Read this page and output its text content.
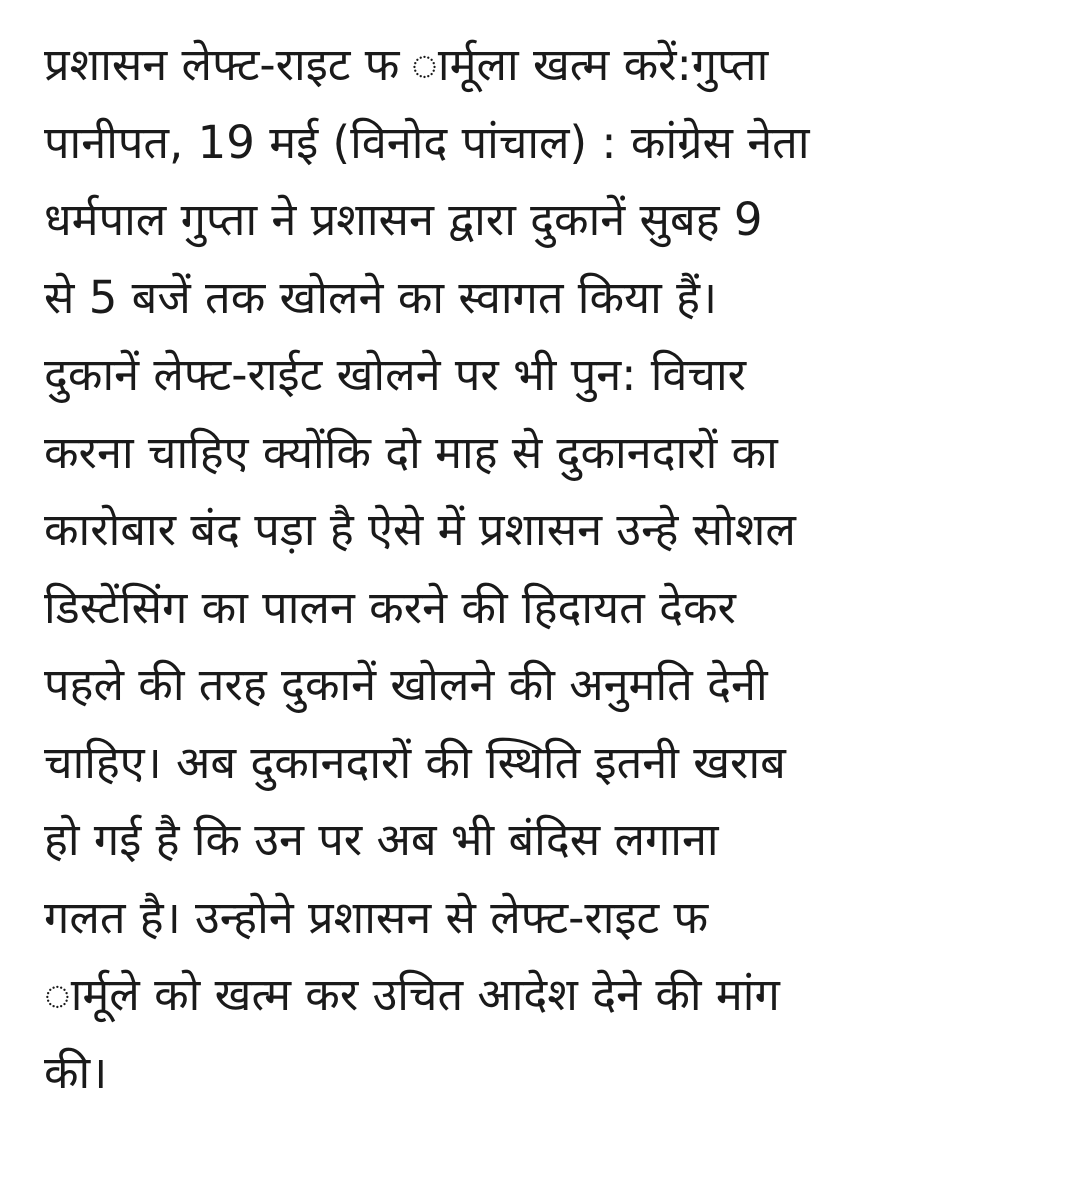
प्रशासन लेफ्ट-राइट फ ार्मूला खत्म करें:गुप्ता
पानीपत, 19 मई (विनोद पांचाल) : कांग्रेस नेता
धर्मपाल गुप्ता ने प्रशासन द्वारा दुकानें सुबह 9
से 5 बजें तक खोलने का स्वागत किया हैं।
दुकानें लेफ्ट-राईट खोलने पर भी पुन: विचार
करना चाहिए क्योंकि दो माह से दुकानदारों का
कारोबार बंद पड़ा है ऐसे में प्रशासन उन्हे सोशल
डिस्टेंसिंग का पालन करने की हिदायत देकर
पहले की तरह दुकानें खोलने की अनुमति देनी
चाहिए। अब दुकानदारों की स्थिति इतनी खराब
हो गई है कि उन पर अब भी बंदिस लगाना
गलत है। उन्होने प्रशासन से लेफ्ट-राइट फ
ार्मूले को खत्म कर उचित आदेश देने की मांग
की।
